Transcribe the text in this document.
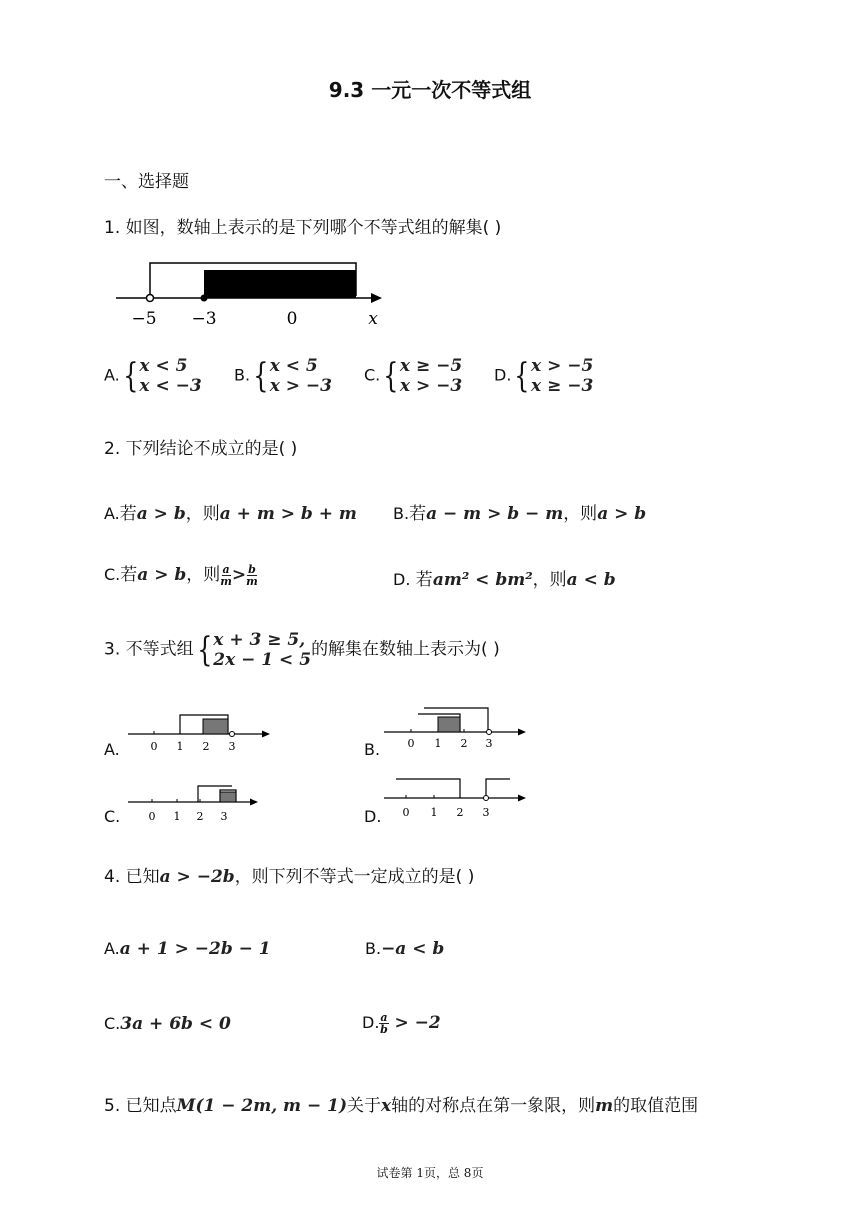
9.3 一元一次不等式组
一、选择题
1. 如图，数轴上表示的是下列哪个不等式组的解集( )
−5 −3	0	x
A. { x < 5
x < −3
B. { x < 5
x > −3
C. { x ≥ −5
x > −3
D. { x > −5
x ≥ −3
2. 下列结论不成立的是( )
A.若a > b，则a + m > b + m B.若a − m > b − m，则a > b
C.若a > b，则 $\frac{a}{m} > \frac{b}{m}$	D. 若am² < bm²，则a < b
3. 不等式组 { x + 3 ≥ 5,
2x − 1 < 5
的解集在数轴上表示为( )
A.	0 1 2 3	B. 0 1 2 3
C.	0 1 2 3	D. 0 1 2 3
4. 已知a > −2b，则下列不等式一定成立的是( )
A.a + 1 > −2b − 1	B.−a < b
C.3a + 6b < 0	D. $\frac{a}{b} > -2$
5. 已知点M(1 − 2m, m − 1)关于x轴的对称点在第一象限，则m的取值范围
试卷第 1页，总 8页
